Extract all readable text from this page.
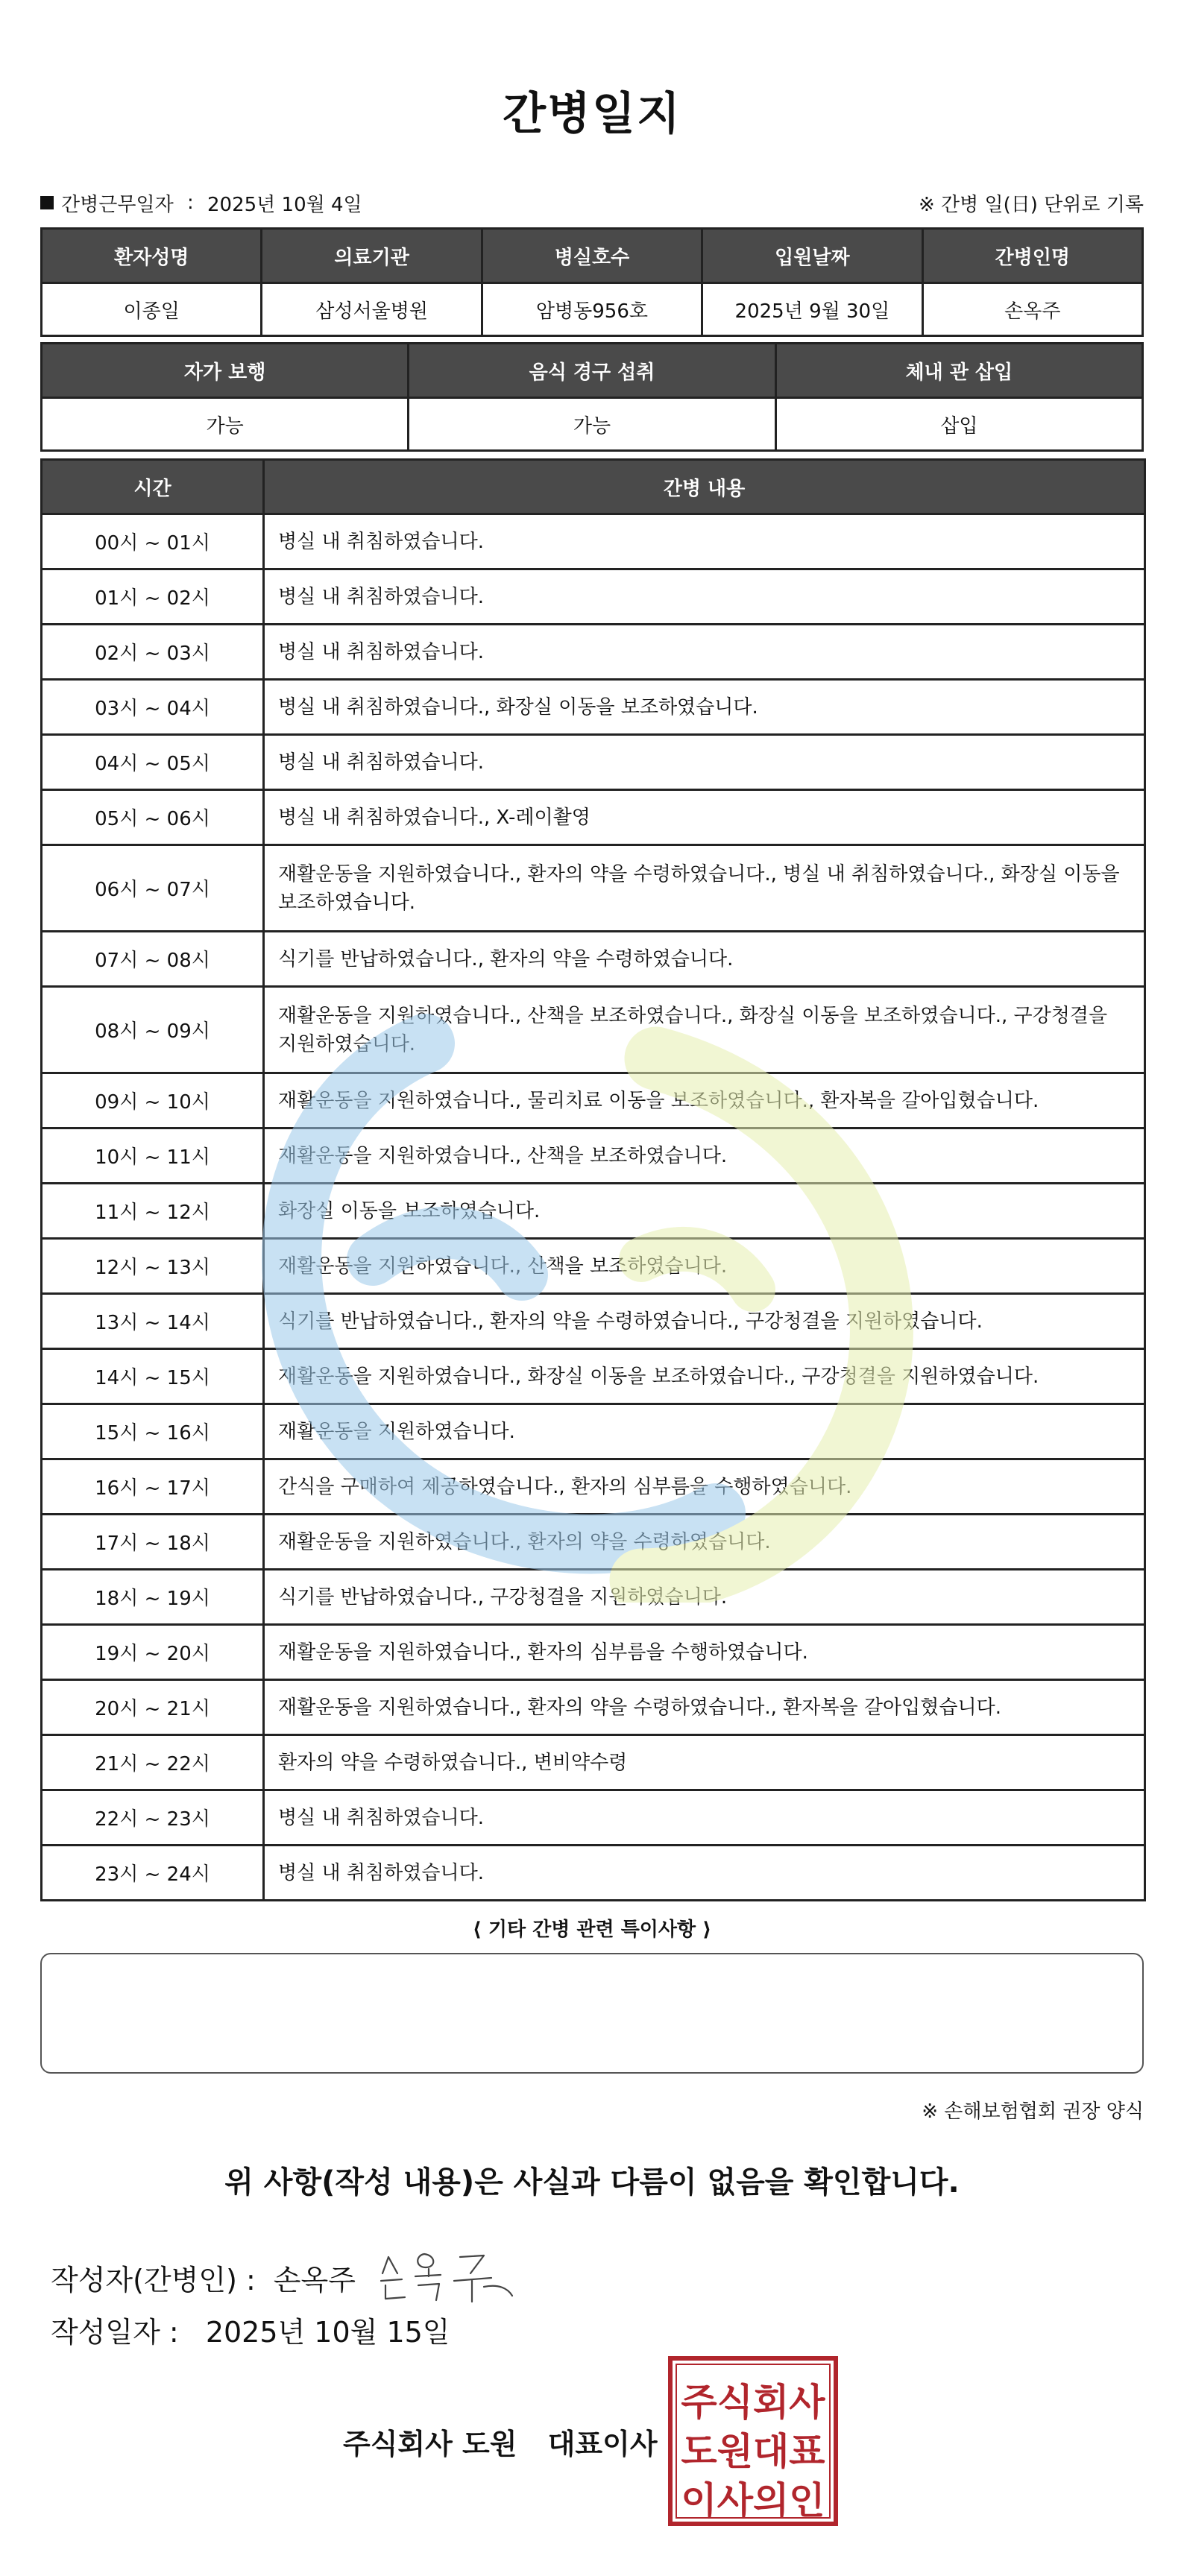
간병일지
간병근무일자 : 2025년 10월 4일	※ 간병 일(日) 단위로 기록
환자성명	의료기관	병실호수	입원날짜	간병인명
이종일	삼성서울병원	암병동956호	2025년 9월 30일	손옥주
자가 보행	음식 경구 섭취	체내 관 삽입
가능	가능	삽입
시간	간병 내용
00시 ~ 01시	병실 내 취침하였습니다.
01시 ~ 02시	병실 내 취침하였습니다.
02시 ~ 03시	병실 내 취침하였습니다.
03시 ~ 04시	병실 내 취침하였습니다., 화장실 이동을 보조하였습니다.
04시 ~ 05시	병실 내 취침하였습니다.
05시 ~ 06시	병실 내 취침하였습니다., X-레이촬영
06시 ~ 07시	재활운동을 지원하였습니다., 환자의 약을 수령하였습니다., 병실 내 취침하였습니다., 화장실 이동을 보조하였습니다.
07시 ~ 08시	식기를 반납하였습니다., 환자의 약을 수령하였습니다.
08시 ~ 09시	재활운동을 지원하였습니다., 산책을 보조하였습니다., 화장실 이동을 보조하였습니다., 구강청결을 지원하였습니다.
09시 ~ 10시	재활운동을 지원하였습니다., 물리치료 이동을 보조하였습니다., 환자복을 갈아입혔습니다.
10시 ~ 11시	재활운동을 지원하였습니다., 산책을 보조하였습니다.
11시 ~ 12시	화장실 이동을 보조하였습니다.
12시 ~ 13시	재활운동을 지원하였습니다., 산책을 보조하였습니다.
13시 ~ 14시	식기를 반납하였습니다., 환자의 약을 수령하였습니다., 구강청결을 지원하였습니다.
14시 ~ 15시	재활운동을 지원하였습니다., 화장실 이동을 보조하였습니다., 구강청결을 지원하였습니다.
15시 ~ 16시	재활운동을 지원하였습니다.
16시 ~ 17시	간식을 구매하여 제공하였습니다., 환자의 심부름을 수행하였습니다.
17시 ~ 18시	재활운동을 지원하였습니다., 환자의 약을 수령하였습니다.
18시 ~ 19시	식기를 반납하였습니다., 구강청결을 지원하였습니다.
19시 ~ 20시	재활운동을 지원하였습니다., 환자의 심부름을 수행하였습니다.
20시 ~ 21시	재활운동을 지원하였습니다., 환자의 약을 수령하였습니다., 환자복을 갈아입혔습니다.
21시 ~ 22시	환자의 약을 수령하였습니다., 변비약수령
22시 ~ 23시	병실 내 취침하였습니다.
23시 ~ 24시	병실 내 취침하였습니다.
⟨ 기타 간병 관련 특이사항 ⟩
※ 손해보험협회 권장 양식
위 사항(작성 내용)은 사실과 다름이 없음을 확인합니다.
작성자(간병인) : 손옥주
작성일자 : 2025년 10월 15일
주식회사 도원 대표이사
주식회사
도원대표
이사의인
